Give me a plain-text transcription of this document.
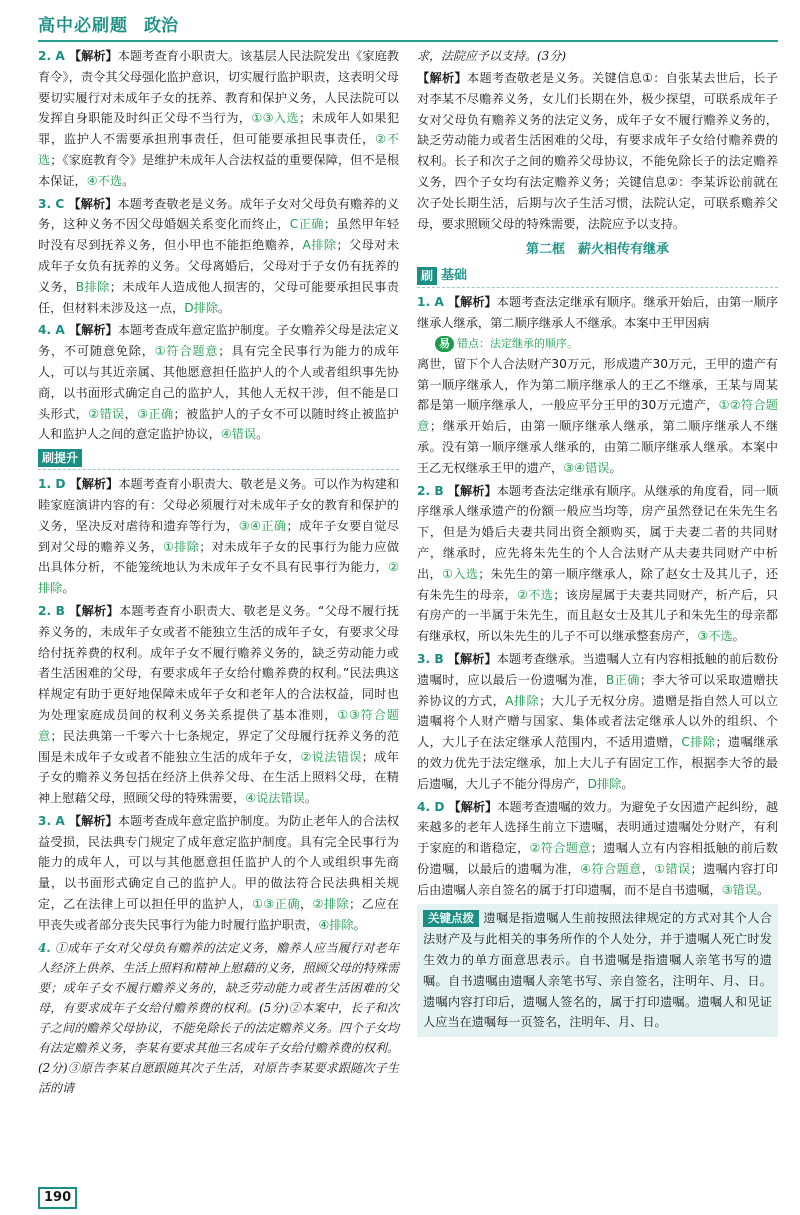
高中必刷题 政治

2. A 【解析】本题考查育小职责大。该基层人民法院发出《家庭教育令》，责令其父母强化监护意识，切实履行监护职责，这表明父母要切实履行对未成年子女的抚养、教育和保护义务，人民法院可以发挥自身职能及时纠正父母不当行为，①③入选；未成年人如果犯罪，监护人不需要承担刑事责任，但可能要承担民事责任，②不选；《家庭教育令》是维护未成年人合法权益的重要保障，但不是根本保证，④不选。

3. C 【解析】本题考查敬老是义务。成年子女对父母负有赡养的义务，这种义务不因父母婚姻关系变化而终止，C正确；虽然甲年轻时没有尽到抚养义务，但小甲也不能拒绝赡养，A排除；父母对未成年子女负有抚养的义务。父母离婚后，父母对于子女仍有抚养的义务，B排除；未成年人造成他人损害的，父母可能要承担民事责任，但材料未涉及这一点，D排除。

4. A 【解析】本题考查成年意定监护制度。子女赡养父母是法定义务，不可随意免除，①符合题意；具有完全民事行为能力的成年人，可以与其近亲属、其他愿意担任监护人的个人或者组织事先协商，以书面形式确定自己的监护人，其他人无权干涉，但不能是口头形式，②错误，③正确；被监护人的子女不可以随时终止被监护人和监护人之间的意定监护协议，④错误。

刷提升

1. D 【解析】本题考查育小职责大、敬老是义务。可以作为构建和睦家庭演讲内容的有：父母必须履行对未成年子女的教育和保护的义务，坚决反对虐待和遗弃等行为，③④正确；成年子女要自觉尽到对父母的赡养义务，①排除；对未成年子女的民事行为能力应做出具体分析，不能笼统地认为未成年子女不具有民事行为能力，②排除。

2. B 【解析】本题考查育小职责大、敬老是义务。“父母不履行抚养义务的，未成年子女或者不能独立生活的成年子女，有要求父母给付抚养费的权利。成年子女不履行赡养义务的，缺乏劳动能力或者生活困难的父母，有要求成年子女给付赡养费的权利。”民法典这样规定有助于更好地保障未成年子女和老年人的合法权益，同时也为处理家庭成员间的权利义务关系提供了基本准则，①③符合题意；民法典第一千零六十七条规定，界定了父母履行抚养义务的范围是未成年子女或者不能独立生活的成年子女，②说法错误；成年子女的赡养义务包括在经济上供养父母、在生活上照料父母，在精神上慰藉父母，照顾父母的特殊需要，④说法错误。

3. A 【解析】本题考查成年意定监护制度。为防止老年人的合法权益受损，民法典专门规定了成年意定监护制度。具有完全民事行为能力的成年人，可以与其他愿意担任监护人的个人或组织事先商量，以书面形式确定自己的监护人。甲的做法符合民法典相关规定，乙在法律上可以担任甲的监护人，①③正确，②排除；乙应在甲丧失或者部分丧失民事行为能力时履行监护职责，④排除。

4. ①成年子女对父母负有赡养的法定义务，赡养人应当履行对老年人经济上供养、生活上照料和精神上慰藉的义务，照顾父母的特殊需要；成年子女不履行赡养义务的，缺乏劳动能力或者生活困难的父母，有要求成年子女给付赡养费的权利。(5分)②本案中，长子和次子之间的赡养父母协议，不能免除长子的法定赡养义务。四个子女均有法定赡养义务，李某有要求其他三名成年子女给付赡养费的权利。(2分)③原告李某自愿跟随其次子生活，对原告李某要求跟随次子生活的请

求，法院应予以支持。(3分)

【解析】本题考查敬老是义务。关键信息①：自张某去世后，长子对李某不尽赡养义务，女儿们长期在外，极少探望，可联系成年子女对父母负有赡养义务的法定义务，成年子女不履行赡养义务的，缺乏劳动能力或者生活困难的父母，有要求成年子女给付赡养费的权利。长子和次子之间的赡养父母协议，不能免除长子的法定赡养义务，四个子女均有法定赡养义务；关键信息②：李某诉讼前就在次子处长期生活，后期与次子生活习惯，法院认定，可联系赡养父母，要求照顾父母的特殊需要，法院应予以支持。

第二框　薪火相传有继承
刷 基础

1. A 【解析】本题考查法定继承有顺序。继承开始后，由第一顺序继承人继承，第二顺序继承人不继承。本案中王甲因病

易 错点：法定继承的顺序。

离世，留下个人合法财产30万元，形成遗产30万元，王甲的遗产有第一顺序继承人，作为第二顺序继承人的王乙不继承，王某与周某都是第一顺序继承人，一般应平分王甲的30万元遗产，①②符合题意；继承开始后，由第一顺序继承人继承，第二顺序继承人不继承。没有第一顺序继承人继承的，由第二顺序继承人继承。本案中王乙无权继承王甲的遗产，③④错误。

2. B 【解析】本题考查法定继承有顺序。从继承的角度看，同一顺序继承人继承遗产的份额一般应当均等，房产虽然登记在朱先生名下，但是为婚后夫妻共同出资全额购买，属于夫妻二者的共同财产，继承时，应先将朱先生的个人合法财产从夫妻共同财产中析出，①入选；朱先生的第一顺序继承人，除了赵女士及其儿子，还有朱先生的母亲，②不选；该房屋属于夫妻共同财产，析产后，只有房产的一半属于朱先生，而且赵女士及其儿子和朱先生的母亲都有继承权，所以朱先生的儿子不可以继承整套房产，③不选。

3. B 【解析】本题考查继承。当遗嘱人立有内容相抵触的前后数份遗嘱时，应以最后一份遗嘱为准，B正确；李大爷可以采取遗赠扶养协议的方式，A排除；大儿子无权分房。遗赠是指自然人可以立遗嘱将个人财产赠与国家、集体或者法定继承人以外的组织、个人，大儿子在法定继承人范围内，不适用遗赠，C排除；遗嘱继承的效力优先于法定继承，加上大儿子有固定工作，根据李大爷的最后遗嘱，大儿子不能分得房产，D排除。

4. D 【解析】本题考查遗嘱的效力。为避免子女因遗产起纠纷，越来越多的老年人选择生前立下遗嘱，表明通过遗嘱处分财产，有利于家庭的和谐稳定，②符合题意；遗嘱人立有内容相抵触的前后数份遗嘱，以最后的遗嘱为准，④符合题意，①错误；遗嘱内容打印后由遗嘱人亲自签名的属于打印遗嘱，而不是自书遗嘱，③错误。

关键点拨 遗嘱是指遗嘱人生前按照法律规定的方式对其个人合法财产及与此相关的事务所作的个人处分，并于遗嘱人死亡时发生效力的单方面意思表示。自书遗嘱是指遗嘱人亲笔书写的遗嘱。自书遗嘱由遗嘱人亲笔书写、亲自签名，注明年、月、日。遗嘱内容打印后，遗嘱人签名的，属于打印遗嘱。遗嘱人和见证人应当在遗嘱每一页签名，注明年、月、日。
190
